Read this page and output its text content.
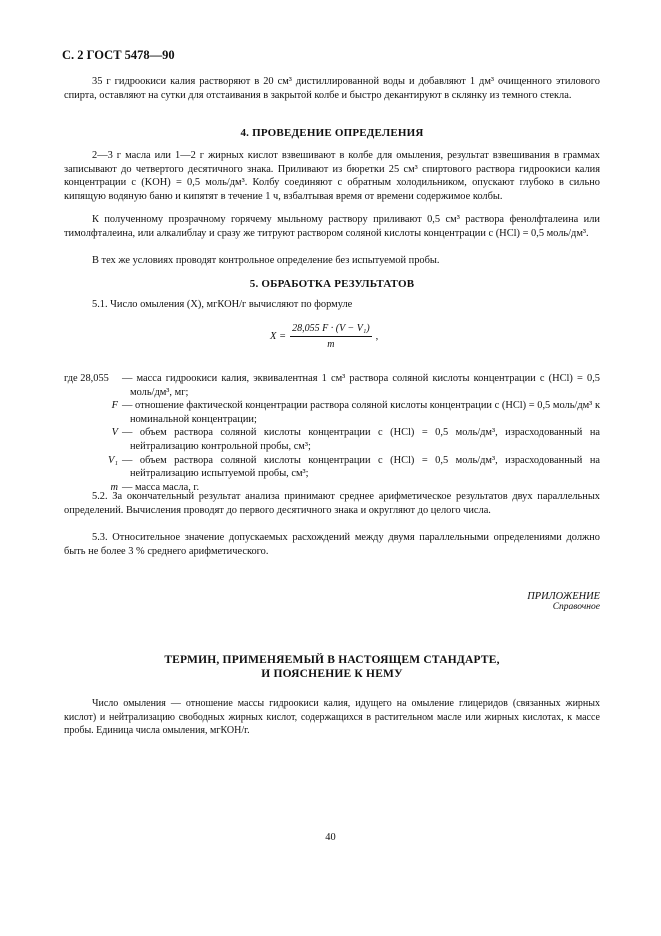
С. 2 ГОСТ 5478—90

35 г гидроокиси калия растворяют в 20 см³ дистиллированной воды и добавляют 1 дм³ очищенного этилового спирта, оставляют на сутки для отстаивания в закрытой колбе и быстро декантируют в склянку из темного стекла.

4. ПРОВЕДЕНИЕ ОПРЕДЕЛЕНИЯ

2—3 г масла или 1—2 г жирных кислот взвешивают в колбе для омыления, результат взвешивания в граммах записывают до четвертого десятичного знака. Приливают из бюретки 25 см³ спиртового раствора гидроокиси калия концентрации c (KOH) = 0,5 моль/дм³. Колбу соединяют с обратным холодильником, опускают глубоко в сильно кипящую водяную баню и кипятят в течение 1 ч, взбалтывая время от времени содержимое колбы.

К полученному прозрачному горячему мыльному раствору приливают 0,5 см³ раствора фенолфталеина или тимолфталеина, или алкалиблау и сразу же титруют раствором соляной кислоты концентрации c (HCl) = 0,5 моль/дм³.

В тех же условиях проводят контрольное определение без испытуемой пробы.

5. ОБРАБОТКА РЕЗУЛЬТАТОВ

5.1. Число омыления (X), мгКОН/г вычисляют по формуле

$X = \frac{\text{28,055 F · (V − V₁)}}{m}$ ,
где 28,055	— масса гидроокиси калия, эквивалентная 1 см³ раствора соляной кислоты концентрации c (HCl) = 0,5 моль/дм³, мг;
F — отношение фактической концентрации раствора соляной кислоты концентрации c (HCl) = 0,5 моль/дм³ к номинальной концентрации;
V — объем раствора соляной кислоты концентрации c (HCl) = 0,5 моль/дм³, израсходованный на нейтрализацию контрольной пробы, см³;
V₁ — объем раствора соляной кислоты концентрации c (HCl) = 0,5 моль/дм³, израсходованный на нейтрализацию испытуемой пробы, см³;
m — масса масла, г.

5.2. За окончательный результат анализа принимают среднее арифметическое результатов двух параллельных определений. Вычисления проводят до первого десятичного знака и округляют до целого числа.

5.3. Относительное значение допускаемых расхождений между двумя параллельными определениями должно быть не более 3 % среднего арифметического.

ПРИЛОЖЕНИЕ
Справочное

ТЕРМИН, ПРИМЕНЯЕМЫЙ В НАСТОЯЩЕМ СТАНДАРТЕ,

И ПОЯСНЕНИЕ К НЕМУ

Число омыления — отношение массы гидроокиси калия, идущего на омыление глицеридов (связанных жирных кислот) и нейтрализацию свободных жирных кислот, содержащихся в растительном масле или жирных кислотах, к массе пробы. Единица числа омыления, мгКОН/г.

40
